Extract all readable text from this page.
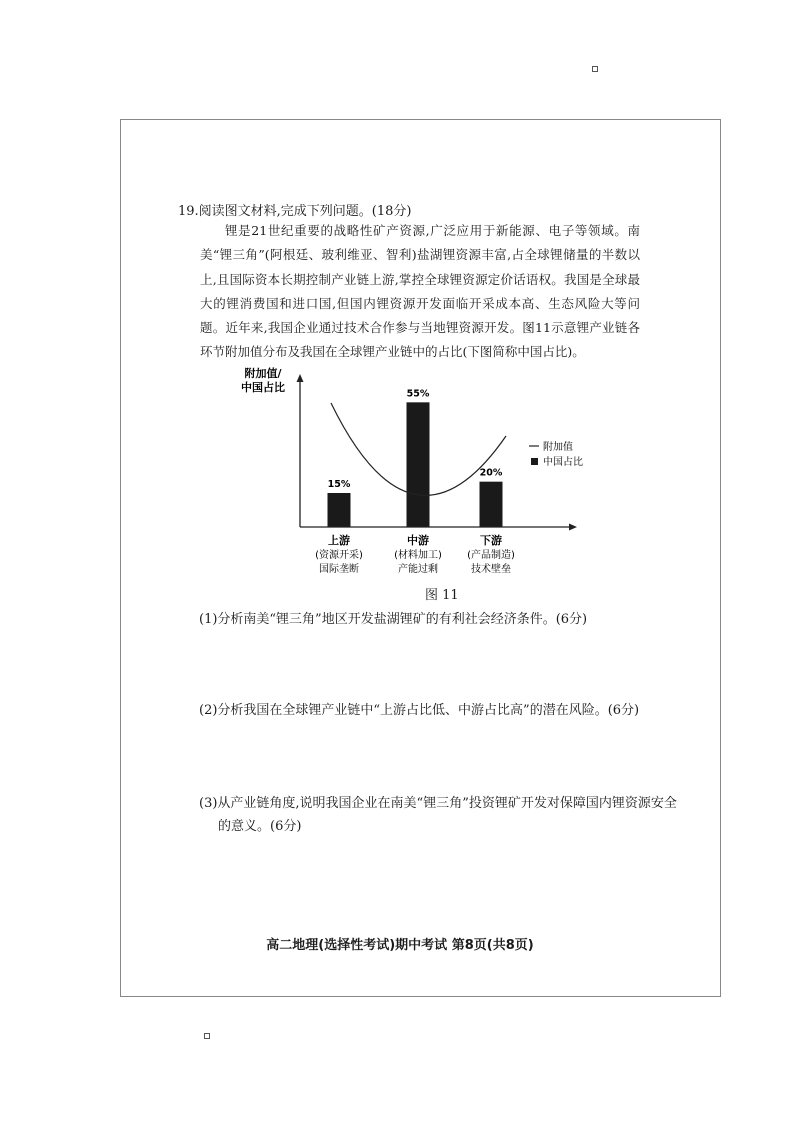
19.阅读图文材料,完成下列问题。(18分)

锂是21世纪重要的战略性矿产资源,广泛应用于新能源、电子等领域。南美“锂三角”(阿根廷、玻利维亚、智利)盐湖锂资源丰富,占全球锂储量的半数以上,且国际资本长期控制产业链上游,掌控全球锂资源定价话语权。我国是全球最大的锂消费国和进口国,但国内锂资源开发面临开采成本高、生态风险大等问题。近年来,我国企业通过技术合作参与当地锂资源开发。图11示意锂产业链各环节附加值分布及我国在全球锂产业链中的占比(下图简称中国占比)。

附加值/
中国占比
15%
上游
(资源开采)
国际垄断
55%
中游
(材料加工)
产能过剩
20%
下游
(产品制造)
技术壁垒
附加值
中国占比
图 11
(1)分析南美“锂三角”地区开发盐湖锂矿的有利社会经济条件。(6分)
(2)分析我国在全球锂产业链中“上游占比低、中游占比高”的潜在风险。(6分)
(3)从产业链角度,说明我国企业在南美“锂三角”投资锂矿开发对保障国内锂资源安全
的意义。(6分)
高二地理(选择性考试)期中考试 第8页(共8页)
